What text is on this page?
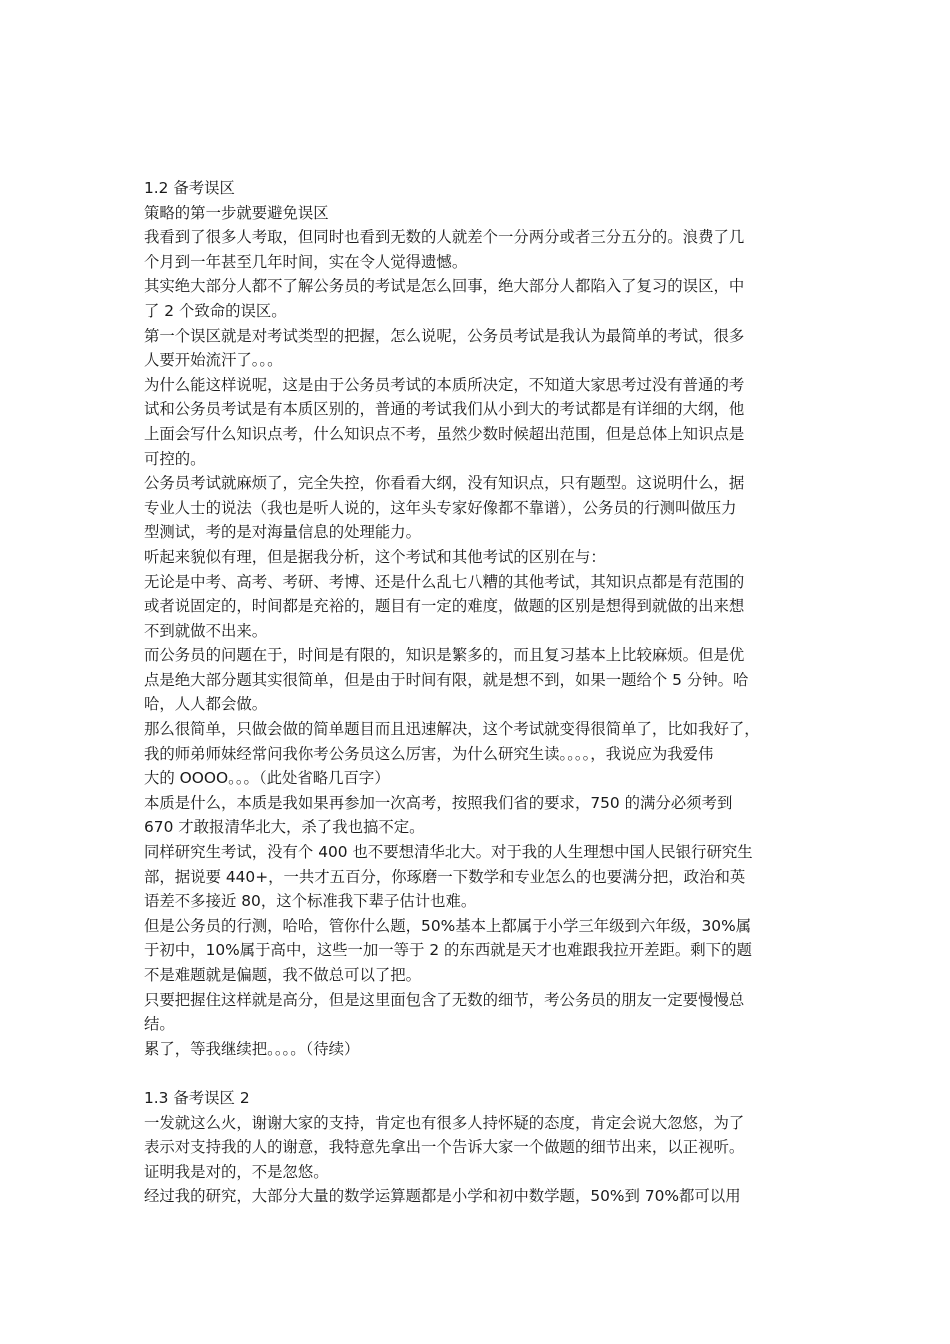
1.2 备考误区
策略的第一步就要避免误区
我看到了很多人考取，但同时也看到无数的人就差个一分两分或者三分五分的。浪费了几
个月到一年甚至几年时间，实在令人觉得遗憾。
其实绝大部分人都不了解公务员的考试是怎么回事，绝大部分人都陷入了复习的误区，中
了 2 个致命的误区。
第一个误区就是对考试类型的把握，怎么说呢，公务员考试是我认为最简单的考试，很多
人要开始流汗了。。。
为什么能这样说呢，这是由于公务员考试的本质所决定，不知道大家思考过没有普通的考
试和公务员考试是有本质区别的，普通的考试我们从小到大的考试都是有详细的大纲，他
上面会写什么知识点考，什么知识点不考，虽然少数时候超出范围，但是总体上知识点是
可控的。
公务员考试就麻烦了，完全失控，你看看大纲，没有知识点，只有题型。这说明什么，据
专业人士的说法（我也是听人说的，这年头专家好像都不靠谱），公务员的行测叫做压力
型测试，考的是对海量信息的处理能力。
听起来貌似有理，但是据我分析，这个考试和其他考试的区别在与：
无论是中考、高考、考研、考博、还是什么乱七八糟的其他考试，其知识点都是有范围的
或者说固定的，时间都是充裕的，题目有一定的难度，做题的区别是想得到就做的出来想
不到就做不出来。
而公务员的问题在于，时间是有限的，知识是繁多的，而且复习基本上比较麻烦。但是优
点是绝大部分题其实很简单，但是由于时间有限，就是想不到，如果一题给个 5 分钟。哈
哈，人人都会做。
那么很简单，只做会做的简单题目而且迅速解决，这个考试就变得很简单了，比如我好了，
我的师弟师妹经常问我你考公务员这么厉害，为什么研究生读。。。。，我说应为我爱伟
大的 OOOO。。。（此处省略几百字）
本质是什么，本质是我如果再参加一次高考，按照我们省的要求，750 的满分必须考到
670 才敢报清华北大，杀了我也搞不定。
同样研究生考试，没有个 400 也不要想清华北大。对于我的人生理想中国人民银行研究生
部，据说要 440+，一共才五百分，你琢磨一下数学和专业怎么的也要满分把，政治和英
语差不多接近 80，这个标准我下辈子估计也难。
但是公务员的行测，哈哈，管你什么题，50%基本上都属于小学三年级到六年级，30%属
于初中，10%属于高中，这些一加一等于 2 的东西就是天才也难跟我拉开差距。剩下的题
不是难题就是偏题，我不做总可以了把。
只要把握住这样就是高分，但是这里面包含了无数的细节，考公务员的朋友一定要慢慢总
结。
累了，等我继续把。。。。（待续）
1.3 备考误区 2
一发就这么火，谢谢大家的支持，肯定也有很多人持怀疑的态度，肯定会说大忽悠，为了
表示对支持我的人的谢意，我特意先拿出一个告诉大家一个做题的细节出来，以正视听。
证明我是对的，不是忽悠。
经过我的研究，大部分大量的数学运算题都是小学和初中数学题，50%到 70%都可以用
